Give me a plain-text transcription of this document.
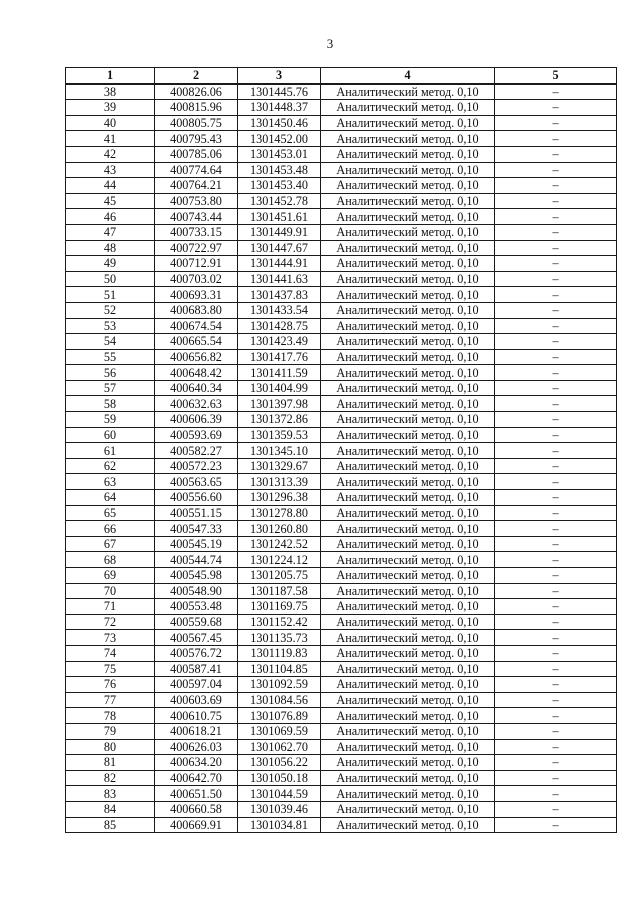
3
1	2	3	4	5
38	400826.06	1301445.76	Аналитический метод. 0,10	–
39	400815.96	1301448.37	Аналитический метод. 0,10	–
40	400805.75	1301450.46	Аналитический метод. 0,10	–
41	400795.43	1301452.00	Аналитический метод. 0,10	–
42	400785.06	1301453.01	Аналитический метод. 0,10	–
43	400774.64	1301453.48	Аналитический метод. 0,10	–
44	400764.21	1301453.40	Аналитический метод. 0,10	–
45	400753.80	1301452.78	Аналитический метод. 0,10	–
46	400743.44	1301451.61	Аналитический метод. 0,10	–
47	400733.15	1301449.91	Аналитический метод. 0,10	–
48	400722.97	1301447.67	Аналитический метод. 0,10	–
49	400712.91	1301444.91	Аналитический метод. 0,10	–
50	400703.02	1301441.63	Аналитический метод. 0,10	–
51	400693.31	1301437.83	Аналитический метод. 0,10	–
52	400683.80	1301433.54	Аналитический метод. 0,10	–
53	400674.54	1301428.75	Аналитический метод. 0,10	–
54	400665.54	1301423.49	Аналитический метод. 0,10	–
55	400656.82	1301417.76	Аналитический метод. 0,10	–
56	400648.42	1301411.59	Аналитический метод. 0,10	–
57	400640.34	1301404.99	Аналитический метод. 0,10	–
58	400632.63	1301397.98	Аналитический метод. 0,10	–
59	400606.39	1301372.86	Аналитический метод. 0,10	–
60	400593.69	1301359.53	Аналитический метод. 0,10	–
61	400582.27	1301345.10	Аналитический метод. 0,10	–
62	400572.23	1301329.67	Аналитический метод. 0,10	–
63	400563.65	1301313.39	Аналитический метод. 0,10	–
64	400556.60	1301296.38	Аналитический метод. 0,10	–
65	400551.15	1301278.80	Аналитический метод. 0,10	–
66	400547.33	1301260.80	Аналитический метод. 0,10	–
67	400545.19	1301242.52	Аналитический метод. 0,10	–
68	400544.74	1301224.12	Аналитический метод. 0,10	–
69	400545.98	1301205.75	Аналитический метод. 0,10	–
70	400548.90	1301187.58	Аналитический метод. 0,10	–
71	400553.48	1301169.75	Аналитический метод. 0,10	–
72	400559.68	1301152.42	Аналитический метод. 0,10	–
73	400567.45	1301135.73	Аналитический метод. 0,10	–
74	400576.72	1301119.83	Аналитический метод. 0,10	–
75	400587.41	1301104.85	Аналитический метод. 0,10	–
76	400597.04	1301092.59	Аналитический метод. 0,10	–
77	400603.69	1301084.56	Аналитический метод. 0,10	–
78	400610.75	1301076.89	Аналитический метод. 0,10	–
79	400618.21	1301069.59	Аналитический метод. 0,10	–
80	400626.03	1301062.70	Аналитический метод. 0,10	–
81	400634.20	1301056.22	Аналитический метод. 0,10	–
82	400642.70	1301050.18	Аналитический метод. 0,10	–
83	400651.50	1301044.59	Аналитический метод. 0,10	–
84	400660.58	1301039.46	Аналитический метод. 0,10	–
85	400669.91	1301034.81	Аналитический метод. 0,10	–
